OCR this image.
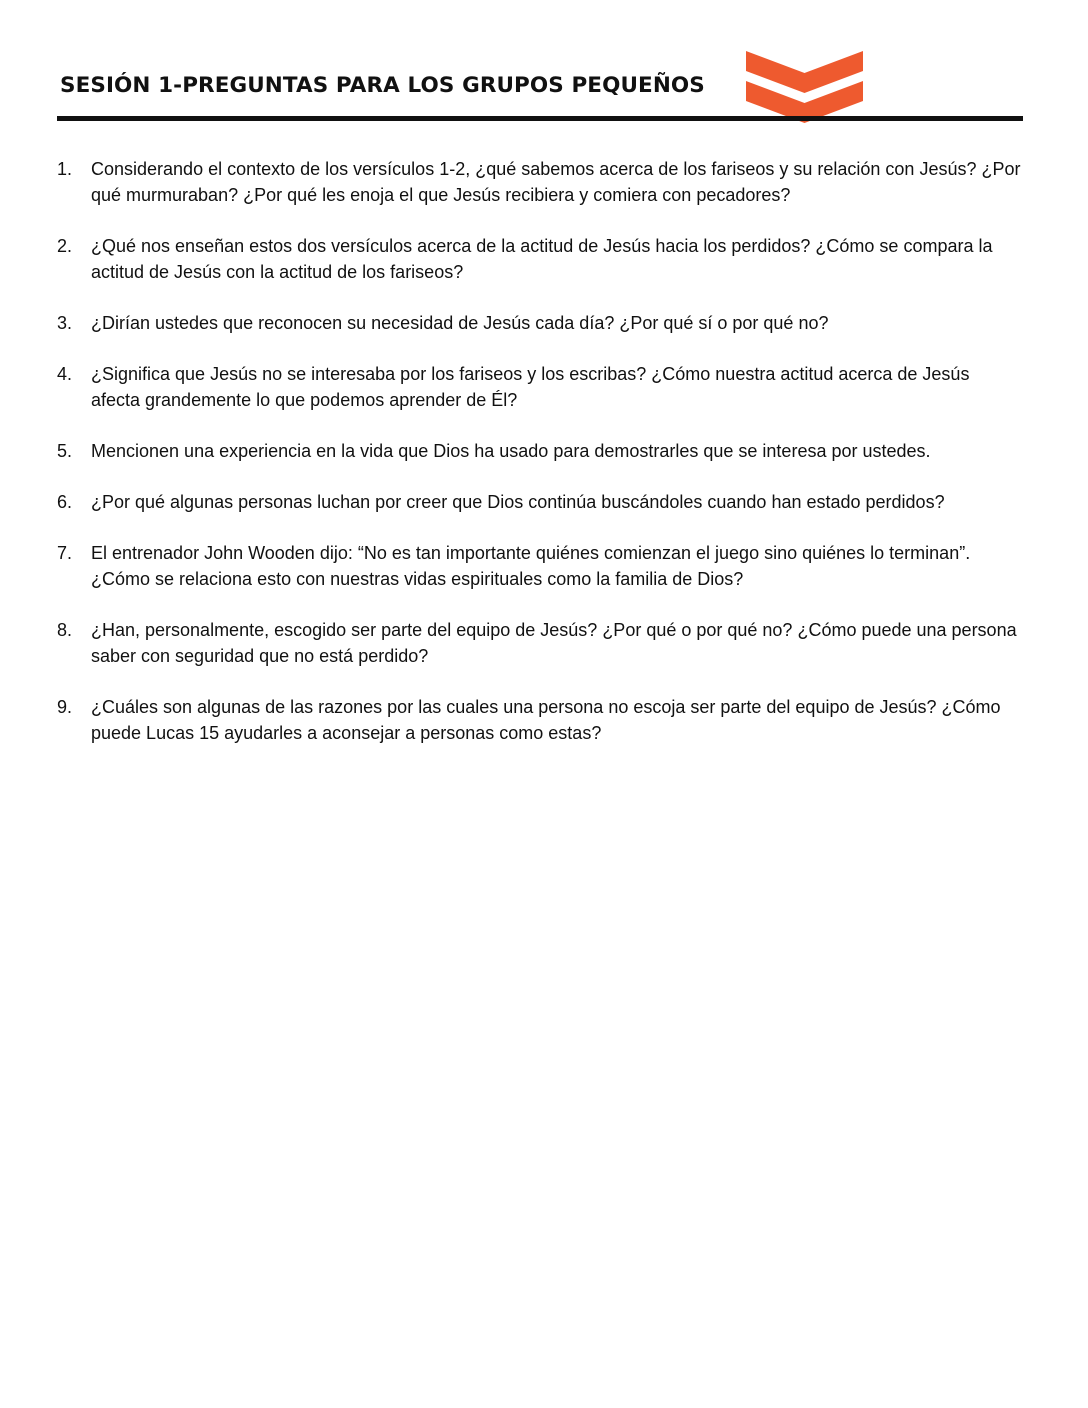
SESIÓN 1-PREGUNTAS PARA LOS GRUPOS PEQUEÑOS
1. Considerando el contexto de los versículos 1-2, ¿qué sabemos acerca de los fariseos y su relación con Jesús? ¿Por qué murmuraban? ¿Por qué les enoja el que Jesús recibiera y comiera con pecadores?
2. ¿Qué nos enseñan estos dos versículos acerca de la actitud de Jesús hacia los perdidos? ¿Cómo se compara la actitud de Jesús con la actitud de los fariseos?
3. ¿Dirían ustedes que reconocen su necesidad de Jesús cada día? ¿Por qué sí o por qué no?
4. ¿Significa que Jesús no se interesaba por los fariseos y los escribas? ¿Cómo nuestra actitud acerca de Jesús afecta grandemente lo que podemos aprender de Él?
5. Mencionen una experiencia en la vida que Dios ha usado para demostrarles que se interesa por ustedes.
6. ¿Por qué algunas personas luchan por creer que Dios continúa buscándoles cuando han estado perdidos?
7. El entrenador John Wooden dijo: “No es tan importante quiénes comienzan el juego sino quiénes lo terminan”. ¿Cómo se relaciona esto con nuestras vidas espirituales como la familia de Dios?
8. ¿Han, personalmente, escogido ser parte del equipo de Jesús? ¿Por qué o por qué no? ¿Cómo puede una persona saber con seguridad que no está perdido?
9. ¿Cuáles son algunas de las razones por las cuales una persona no escoja ser parte del equipo de Jesús? ¿Cómo puede Lucas 15 ayudarles a aconsejar a personas como estas?
